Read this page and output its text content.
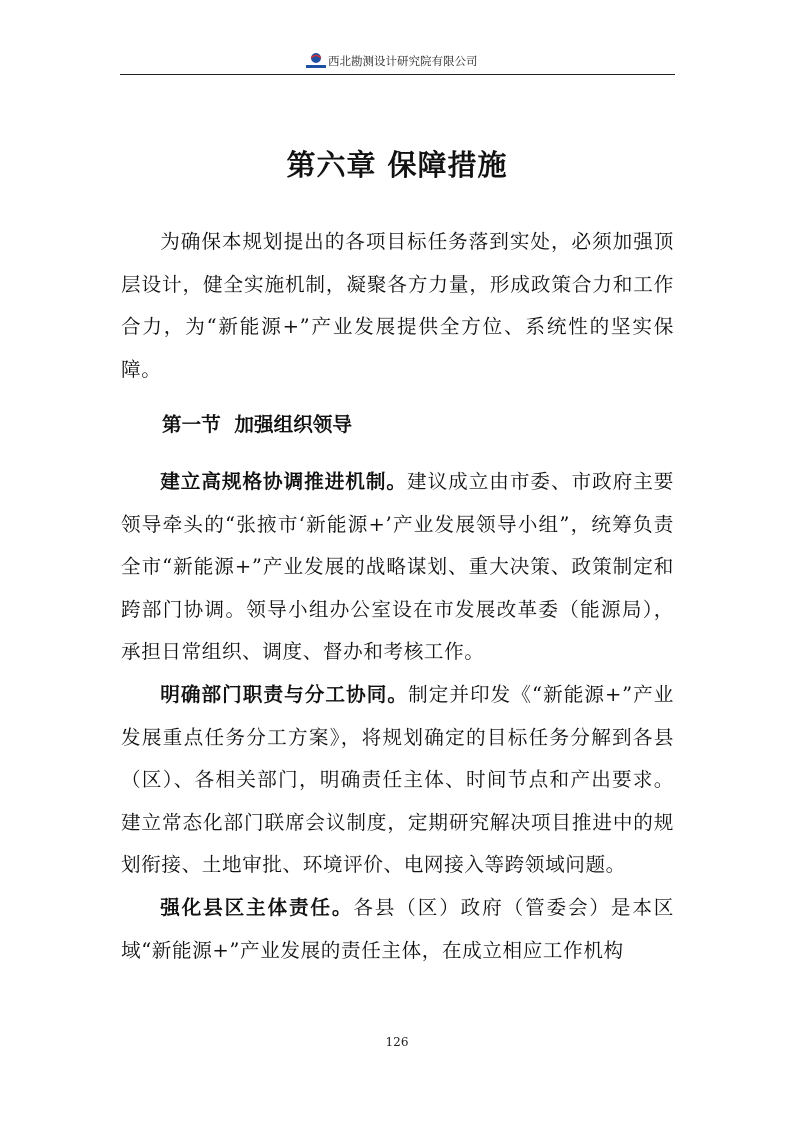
西北勘测设计研究院有限公司
第六章 保障措施

为确保本规划提出的各项目标任务落到实处，必须加强顶层设计，健全实施机制，凝聚各方力量，形成政策合力和工作合力，为“新能源+”产业发展提供全方位、系统性的坚实保障。

第一节  加强组织领导

建立高规格协调推进机制。建议成立由市委、市政府主要领导牵头的“张掖市‘新能源+’产业发展领导小组”，统筹负责全市“新能源+”产业发展的战略谋划、重大决策、政策制定和跨部门协调。领导小组办公室设在市发展改革委（能源局），承担日常组织、调度、督办和考核工作。

明确部门职责与分工协同。制定并印发《“新能源+”产业发展重点任务分工方案》，将规划确定的目标任务分解到各县（区）、各相关部门，明确责任主体、时间节点和产出要求。建立常态化部门联席会议制度，定期研究解决项目推进中的规划衔接、土地审批、环境评价、电网接入等跨领域问题。

强化县区主体责任。各县（区）政府（管委会）是本区域“新能源+”产业发展的责任主体，在成立相应工作机构

126
